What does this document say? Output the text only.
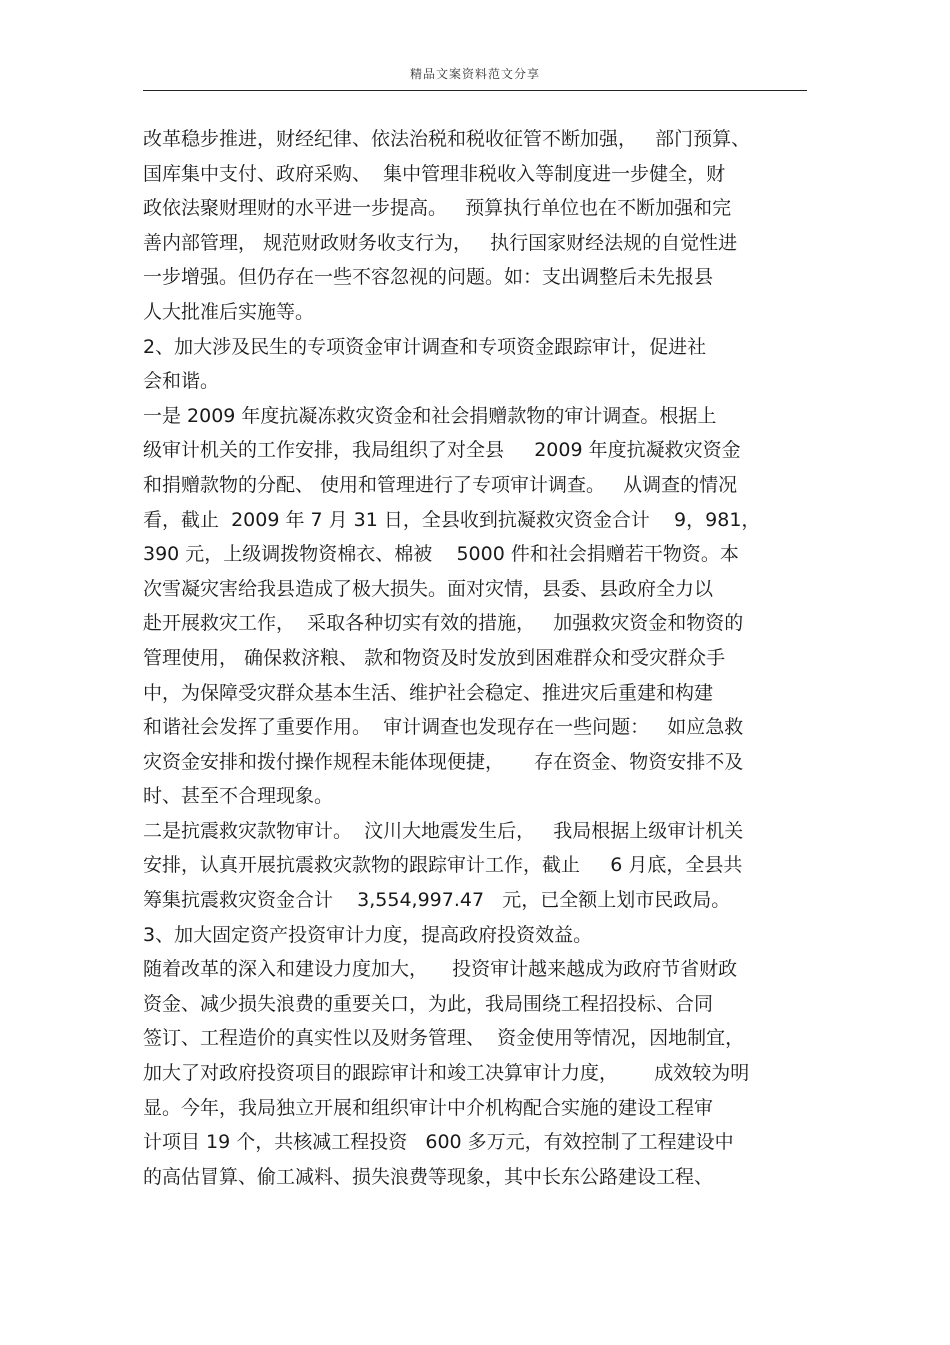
精品文案资料范文分享
改革稳步推进，财经纪律、依法治税和税收征管不断加强，   部门预算、
国库集中支付、政府采购、  集中管理非税收入等制度进一步健全，财
政依法聚财理财的水平进一步提高。   预算执行单位也在不断加强和完
善内部管理， 规范财政财务收支行为，   执行国家财经法规的自觉性进
一步增强。但仍存在一些不容忽视的问题。如：支出调整后未先报县
人大批准后实施等。
2、加大涉及民生的专项资金审计调查和专项资金跟踪审计，促进社
会和谐。
一是 2009 年度抗凝冻救灾资金和社会捐赠款物的审计调查。根据上
级审计机关的工作安排，我局组织了对全县     2009 年度抗凝救灾资金
和捐赠款物的分配、 使用和管理进行了专项审计调查。   从调查的情况
看，截止  2009 年 7 月 31 日，全县收到抗凝救灾资金合计    9，981，
390 元，上级调拨物资棉衣、棉被    5000 件和社会捐赠若干物资。本
次雪凝灾害给我县造成了极大损失。面对灾情，县委、县政府全力以
赴开展救灾工作，  采取各种切实有效的措施，   加强救灾资金和物资的
管理使用， 确保救济粮、 款和物资及时发放到困难群众和受灾群众手
中，为保障受灾群众基本生活、维护社会稳定、推进灾后重建和构建
和谐社会发挥了重要作用。  审计调查也发现存在一些问题：   如应急救
灾资金安排和拨付操作规程未能体现便捷，     存在资金、物资安排不及
时、甚至不合理现象。
二是抗震救灾款物审计。  汶川大地震发生后，   我局根据上级审计机关
安排，认真开展抗震救灾款物的跟踪审计工作，截止     6 月底，全县共
筹集抗震救灾资金合计    3,554,997.47   元，已全额上划市民政局。
3、加大固定资产投资审计力度，提高政府投资效益。
随着改革的深入和建设力度加大，    投资审计越来越成为政府节省财政
资金、减少损失浪费的重要关口，为此，我局围绕工程招投标、合同
签订、工程造价的真实性以及财务管理、  资金使用等情况，因地制宜，
加大了对政府投资项目的跟踪审计和竣工决算审计力度，      成效较为明
显。今年，我局独立开展和组织审计中介机构配合实施的建设工程审
计项目 19 个，共核减工程投资   600 多万元，有效控制了工程建设中
的高估冒算、偷工减料、损失浪费等现象，其中长东公路建设工程、
